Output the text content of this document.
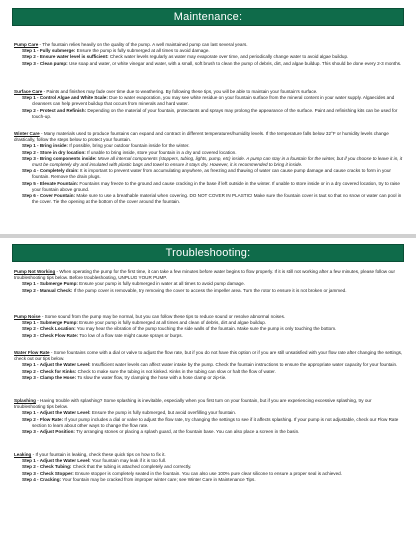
Maintenance:

Pump Care - The fountain relies heavily on the quality of the pump. A well maintained pump can last several years.

Step 1 - Fully submerge: Ensure the pump is fully submerged at all times to avoid damage.

Step 2 - Ensure water level is sufficient: Check water levels regularly as water may evaporate over time, and periodically change water to avoid algae buildup.

Step 3 - Clean pump: Use soap and water, or white vinegar and water, with a small, soft brush to clean the pump of debris, dirt, and algae buildup. This should be done every 2-3 months.

Surface Care - Paints and finishes may fade over time due to weathering. By following these tips, you will be able to maintain your fountain's surface.

Step 1 - Control Algae and White Scale: Due to water evaporation, you may see white residue on your fountain surface from the mineral content in your water supply. Algaecides and cleansers can help prevent buildup that occurs from minerals and hard water.

Step 2 - Protect and Refinish: Depending on the material of your fountain, protectants and sprays may prolong the appearance of the surface. Paint and refinishing kits can be used for touch-up.

Winter Care - Many materials used to produce fountains can expand and contract in different temperatures/humidity levels. If the temperature falls below 32°F or humidity levels change drastically, follow the steps below to protect your fountain.

Step 1 - Bring inside: If possible, bring your outdoor fountain inside for the winter.

Step 2 - Store in dry location: If unable to bring inside, store your fountain in a dry and covered location.

Step 3 - Bring components inside: Move all internal components (stoppers, tubing, lights, pump, etc) inside. A pump can stay in a fountain for the winter, but if you choose to leave it in, it must be completely dry and insulated with plastic bags and towel to ensure it stays dry. However, it is recommended to bring it inside.

Step 4 - Completely drain: It is important to prevent water from accumulating anywhere, as freezing and thawing of water can cause pump damage and cause cracks to form in your fountain. Remove the drain plugs.

Step 5 - Elevate Fountain: Fountains may freeze to the ground and cause cracking in the base if left outside in the winter. If unable to store inside or in a dry covered location, try to raise your fountain above ground.

Step 6 - Cover Fountain: Make sure to use a breathable material when covering. DO NOT COVER IN PLASTIC! Make sure the fountain cover is taut so that no snow or water can pool in the cover. Tie the opening at the bottom of the cover around the fountain.

Troubleshooting:

Pump Not Working - When operating the pump for the first time, it can take a few minutes before water begins to flow properly. If it is still not working after a few minutes, please follow our troubleshooting tips below. Before troubleshooting, UNPLUG YOUR PUMP.

Step 1 - Submerge Pump: Ensure your pump is fully submerged in water at all times to avoid pump damage.

Step 2 - Manual Check: If the pump cover is removable, try removing the cover to access the impeller area. Turn the rotor to ensure it is not broken or jammed.

Pump Noise - Some sound from the pump may be normal, but you can follow these tips to reduce sound or resolve abnormal noises.

Step 1 - Submerge Pump: Ensure your pump is fully submerged at all times and clean of debris, dirt and algae buildup.

Step 2 - Check Location: You may hear the vibration of the pump touching the side walls of the fountain. Make sure the pump is only touching the bottom.

Step 3 - Check Flow Rate: Too low of a flow rate might cause sprays or burps.

Water Flow Rate - Some fountains come with a dial or valve to adjust the flow rate, but if you do not have this option or if you are still unsatisfied with your flow rate after changing the settings, check out our tips below.

Step 1 - Adjust the Water Level: Insufficient water levels can affect water intake by the pump. Check the fountain instructions to ensure the appropriate water capacity for your fountain.

Step 2 - Check for Kinks: Check to make sure the tubing is not kinked. Kinks in the tubing can slow or halt the flow of water.

Step 3 - Clamp the Hose: To slow the water flow, try clamping the hose with a hose clamp or zip-tie.

Splashing - Having trouble with splashing? Some splashing is inevitable, especially when you first turn on your fountain, but if you are experiencing excessive splashing, try our troubleshooting tips below.

Step 1 - Adjust the Water Level: Ensure the pump is fully submerged, but avoid overfilling your fountain.

Step 2 - Flow Rate: If your pump includes a dial or valve to adjust the flow rate, try changing the settings to see if it affects splashing. If your pump is not adjustable, check our Flow Rate section to learn about other ways to change the flow rate.

Step 3 - Adjust Position: Try arranging stones or placing a splash guard, at the fountain base. You can also place a screen in the basin.

Leaking - If your fountain is leaking, check these quick tips on how to fix it.

Step 1 - Adjust the Water Level: Your fountain may leak if it is too full.

Step 2 - Check Tubing: Check that the tubing is attached completely and correctly.

Step 3 - Check Stopper: Ensure stopper is completely seated in the fountain. You can also use 100% pure clear silicone to ensure a proper seal is achieved.

Step 4 - Cracking: Your fountain may be cracked from improper winter care; see Winter Care in Maintenance Tips.
